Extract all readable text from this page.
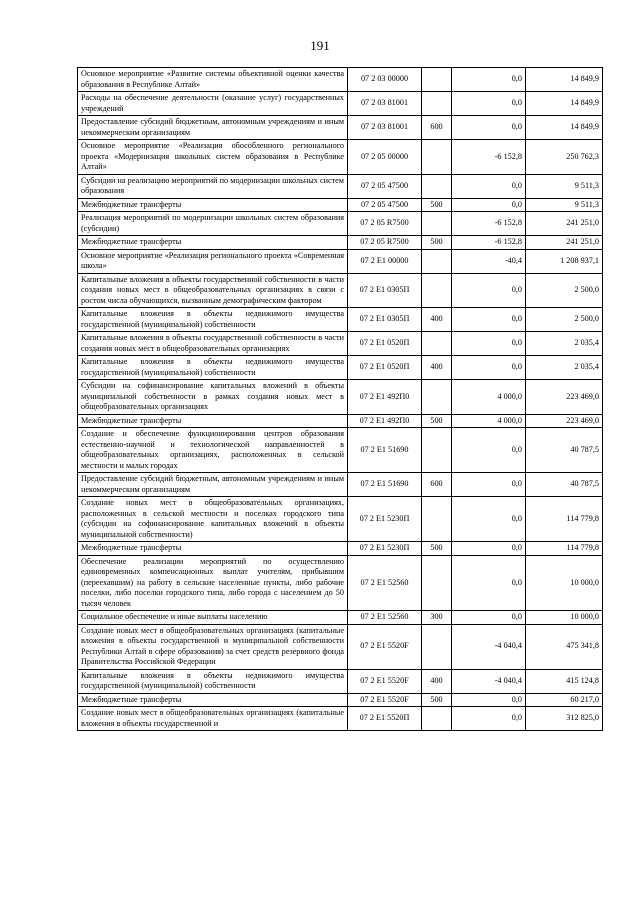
191
Основное мероприятие «Развитие системы объективной оценки качества образования в Республике Алтай»	07 2 03 00000		0,0	14 849,9
Расходы на обеспечение деятельности (оказание услуг) государственных учреждений	07 2 03 81001		0,0	14 849,9
Предоставление субсидий бюджетным, автономным учреждениям и иным некоммерческим организациям	07 2 03 81001	600	0,0	14 849,9
Основное мероприятие «Реализация обособленного регионального проекта «Модернизация школьных систем образования в Республике Алтай»	07 2 05 00000		-6 152,8	250 762,3
Субсидии на реализацию мероприятий по модернизации школьных систем образования	07 2 05 47500		0,0	9 511,3
Межбюджетные трансферты	07 2 05 47500	500	0,0	9 511,3
Реализация мероприятий по модернизации школьных систем образования (субсидии)	07 2 05 R7500		-6 152,8	241 251,0
Межбюджетные трансферты	07 2 05 R7500	500	-6 152,8	241 251,0
Основное мероприятие «Реализация регионального проекта «Современная школа»	07 2 E1 00000		-40,4	1 208 937,1
Капитальные вложения в объекты государственной собственности в части создания новых мест в общеобразовательных организациях в связи с ростом числа обучающихся, вызванным демографическим фактором	07 2 E1 0305П		0,0	2 500,0
Капитальные вложения в объекты недвижимого имущества государственной (муниципальной) собственности	07 2 E1 0305П	400	0,0	2 500,0
Капитальные вложения в объекты государственной собственности в части создания новых мест в общеобразовательных организациях	07 2 E1 0520П		0,0	2 035,4
Капитальные вложения в объекты недвижимого имущества государственной (муниципальной) собственности	07 2 E1 0520П	400	0,0	2 035,4
Субсидии на софинансирование капитальных вложений в объекты муниципальной собственности в рамках создания новых мест в общеобразовательных организациях	07 2 E1 492П0		4 000,0	223 469,0
Межбюджетные трансферты	07 2 E1 492П0	500	4 000,0	223 469,0
Создание и обеспечение функционирования центров образования естественно-научной и технологической направленностей в общеобразовательных организациях, расположенных в сельской местности и малых городах	07 2 E1 51690		0,0	40 787,5
Предоставление субсидий бюджетным, автономным учреждениям и иным некоммерческим организациям	07 2 E1 51690	600	0,0	40 787,5
Создание новых мест в общеобразовательных организациях, расположенных в сельской местности и поселках городского типа (субсидии на софинансирование капитальных вложений в объекты муниципальной собственности)	07 2 E1 5230П		0,0	114 779,8
Межбюджетные трансферты	07 2 E1 5230П	500	0,0	114 779,8
Обеспечение реализации мероприятий по осуществлению единовременных компенсационных выплат учителям, прибывшим (переехавшим) на работу в сельские населенные пункты, либо рабочие поселки, либо поселки городского типа, либо города с населением до 50 тысяч человек	07 2 E1 52560		0,0	10 000,0
Социальное обеспечение и иные выплаты населению	07 2 E1 52560	300	0,0	10 000,0
Создание новых мест в общеобразовательных организациях (капитальные вложения в объекты государственной и муниципальной собственности Республики Алтай в сфере образования) за счет средств резервного фонда Правительства Российской Федерации	07 2 E1 5520F		-4 040,4	475 341,8
Капитальные вложения в объекты недвижимого имущества государственной (муниципальной) собственности	07 2 E1 5520F	400	-4 040,4	415 124,8
Межбюджетные трансферты	07 2 E1 5520F	500	0,0	60 217,0
Создание новых мест в общеобразовательных организациях (капитальные вложения в объекты государственной и	07 2 E1 5520П		0,0	312 825,0
